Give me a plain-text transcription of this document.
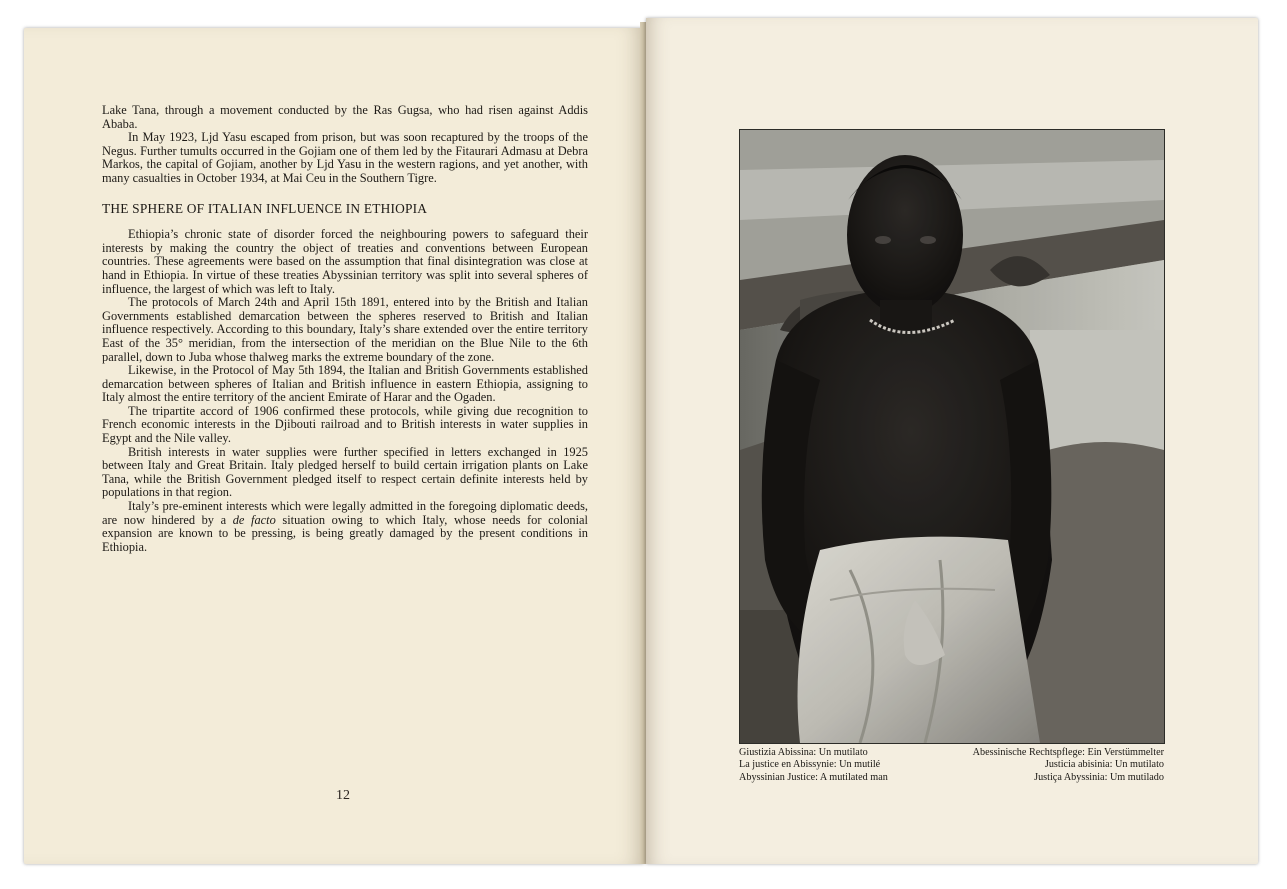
Lake Tana, through a movement conducted by the Ras Gugsa, who had risen against Addis Ababa.

In May 1923, Ljd Yasu escaped from prison, but was soon recaptured by the troops of the Negus. Further tumults occurred in the Gojiam one of them led by the Fitaurari Admasu at Debra Markos, the capital of Gojiam, another by Ljd Yasu in the western ragions, and yet another, with many casualties in October 1934, at Mai Ceu in the Southern Tigre.

THE SPHERE OF ITALIAN INFLUENCE IN ETHIOPIA

Ethiopia’s chronic state of disorder forced the neighbouring powers to safeguard their interests by making the country the object of treaties and conventions between European countries. These agreements were based on the assumption that final disintegration was close at hand in Ethiopia. In virtue of these treaties Abyssinian territory was split into several spheres of influence, the largest of which was left to Italy.

The protocols of March 24th and April 15th 1891, entered into by the British and Italian Governments established demarcation between the spheres reserved to British and Italian influence respectively. According to this boundary, Italy’s share extended over the entire territory East of the 35° meridian, from the intersection of the meridian on the Blue Nile to the 6th parallel, down to Juba whose thalweg marks the extreme boundary of the zone.

Likewise, in the Protocol of May 5th 1894, the Italian and British Governments established demarcation between spheres of Italian and British influence in eastern Ethiopia, assigning to Italy almost the entire territory of the ancient Emirate of Harar and the Ogaden.

The tripartite accord of 1906 confirmed these protocols, while giving due recognition to French economic interests in the Djibouti railroad and to British interests in water supplies in Egypt and the Nile valley.

British interests in water supplies were further specified in letters exchanged in 1925 between Italy and Great Britain. Italy pledged herself to build certain irrigation plants on Lake Tana, while the British Government pledged itself to respect certain definite interests held by populations in that region.

Italy’s pre-eminent interests which were legally admitted in the foregoing diplomatic deeds, are now hindered by a de facto situation owing to which Italy, whose needs for colonial expansion are known to be pressing, is being greatly damaged by the present conditions in Ethiopia.

12
Giustizia Abissina: Un mutilato
La justice en Abissynie: Un mutilé
Abyssinian Justice: A mutilated man
Abessinische Rechtspflege: Ein Verstümmelter
Justicia abisinia: Un mutilato
Justiça Abyssinia: Um mutilado
